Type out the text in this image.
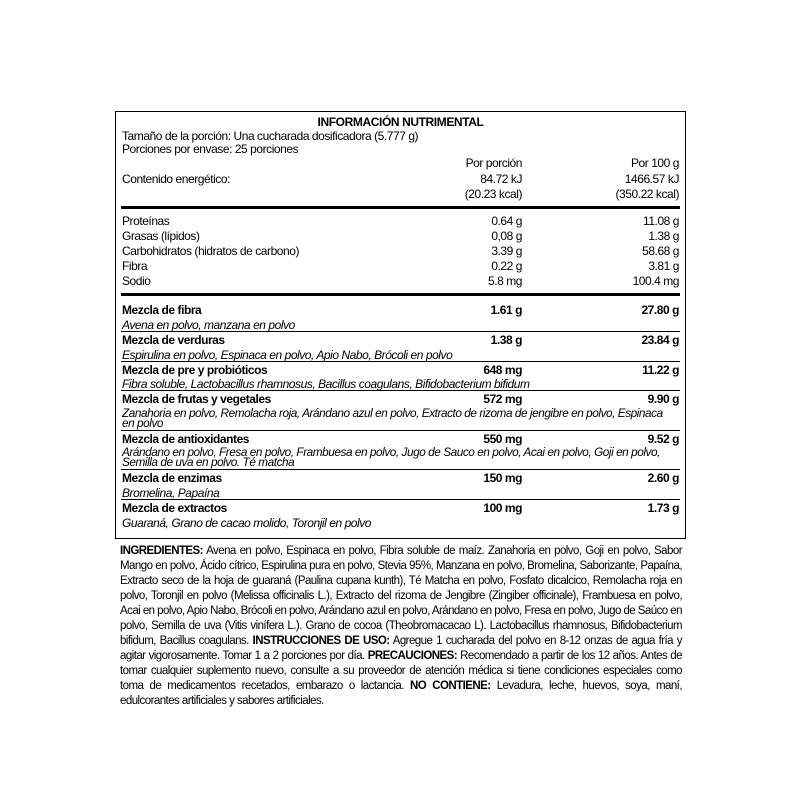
INFORMACIÓN NUTRIMENTAL
Tamaño de la porción: Una cucharada dosificadora (5.777 g)
Porciones por envase: 25 porciones
Por porción	Por 100 g
Contenido energético:	84.72 kJ	1466.57 kJ
(20.23 kcal)	(350.22 kcal)
Proteínas	0.64 g	11.08 g
Grasas (lípidos)	0,08 g	1.38 g
Carbohidratos (hidratos de carbono)	3.39 g	58.68 g
Fibra	0.22 g	3.81 g
Sodio	5.8 mg	100.4 mg
Mezcla de fibra	1.61 g	27.80 g
Avena en polvo, manzana en polvo
Mezcla de verduras	1.38 g	23.84 g
Espirulina en polvo, Espinaca en polvo, Apio Nabo, Brócoli en polvo
Mezcla de pre y probióticos	648 mg	11.22 g
Fibra soluble, Lactobacillus rhamnosus, Bacillus coagulans, Bifidobacterium bifidum
Mezcla de frutas y vegetales	572 mg	9.90 g
Zanahoria en polvo, Remolacha roja, Arándano azul en polvo, Extracto de rizoma de jengibre en polvo, Espinaca en polvo
Mezcla de antioxidantes	550 mg	9.52 g
Arándano en polvo, Fresa en polvo, Frambuesa en polvo, Jugo de Sauco en polvo, Acai en polvo, Goji en polvo, Semilla de uva en polvo. Té matcha
Mezcla de enzimas	150 mg	2.60 g
Bromelina, Papaína
Mezcla de extractos	100 mg	1.73 g
Guaraná, Grano de cacao molido, Toronjil en polvo
INGREDIENTES: Avena en polvo, Espinaca en polvo, Fibra soluble de maíz. Zanahoria en polvo, Goji en polvo, Sabor Mango en polvo, Ácido cítrico, Espirulina pura en polvo, Stevia 95%, Manzana en polvo, Bromelina, Saborizante, Papaína, Extracto seco de la hoja de guaraná (Paulina cupana kunth), Té Matcha en polvo, Fosfato dicalcico, Remolacha roja en polvo, Toronjil en polvo (Melissa officinalis L.), Extracto del rizoma de Jengibre (Zingiber officinale), Frambuesa en polvo, Acai en polvo, Apio Nabo, Brócoli en polvo, Arándano azul en polvo, Arándano en polvo, Fresa en polvo, Jugo de Saúco en polvo, Semilla de uva (Vitis vinífera L.). Grano de cocoa (Theobromacacao L). Lactobacillus rhamnosus, Bifidobacterium bifidum, Bacillus coagulans. INSTRUCCIONES DE USO: Agregue 1 cucharada del polvo en 8-12 onzas de agua fría y agitar vigorosamente. Tomar 1 a 2 porciones por día. PRECAUCIONES: Recomendado a partir de los 12 años. Antes de tomar cualquier suplemento nuevo, consulte a su proveedor de atención médica si tiene condiciones especiales como toma de medicamentos recetados, embarazo o lactancia. NO CONTIENE: Levadura, leche, huevos, soya, maní, edulcorantes artificiales y sabores artificiales.
